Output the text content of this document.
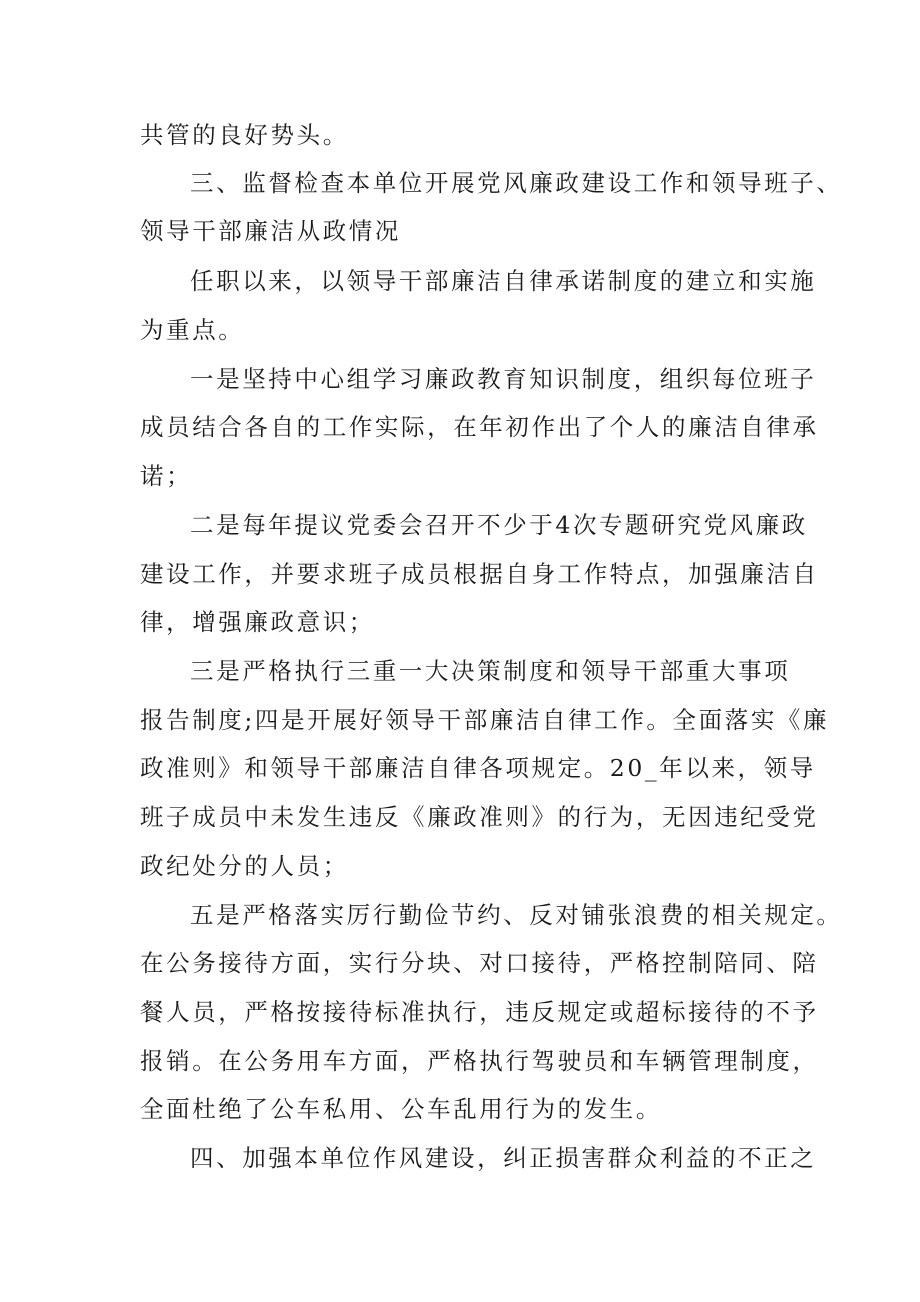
共管的良好势头。
三、监督检查本单位开展党风廉政建设工作和领导班子、
领导干部廉洁从政情况
任职以来，以领导干部廉洁自律承诺制度的建立和实施
为重点。
一是坚持中心组学习廉政教育知识制度，组织每位班子
成员结合各自的工作实际，在年初作出了个人的廉洁自律承
诺；
二是每年提议党委会召开不少于4次专题研究党风廉政
建设工作，并要求班子成员根据自身工作特点，加强廉洁自
律，增强廉政意识；
三是严格执行三重一大决策制度和领导干部重大事项
报告制度;四是开展好领导干部廉洁自律工作。全面落实《廉
政准则》和领导干部廉洁自律各项规定。20_年以来，领导
班子成员中未发生违反《廉政准则》的行为，无因违纪受党
政纪处分的人员；
五是严格落实厉行勤俭节约、反对铺张浪费的相关规定。
在公务接待方面，实行分块、对口接待，严格控制陪同、陪
餐人员，严格按接待标准执行，违反规定或超标接待的不予
报销。在公务用车方面，严格执行驾驶员和车辆管理制度，
全面杜绝了公车私用、公车乱用行为的发生。
四、加强本单位作风建设，纠正损害群众利益的不正之
